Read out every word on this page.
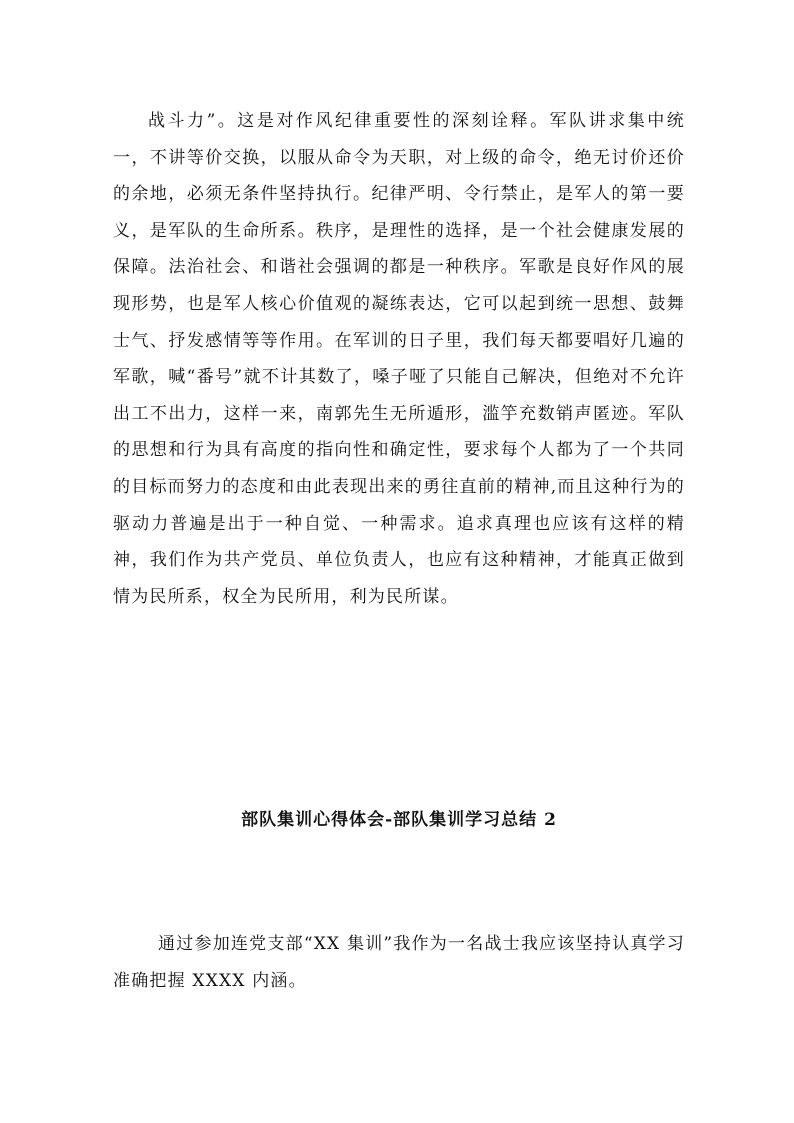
战斗力”。这是对作风纪律重要性的深刻诠释。军队讲求集中统一，不讲等价交换，以服从命令为天职，对上级的命令，绝无讨价还价的余地，必须无条件坚持执行。纪律严明、令行禁止，是军人的第一要义，是军队的生命所系。秩序，是理性的选择，是一个社会健康发展的保障。法治社会、和谐社会强调的都是一种秩序。军歌是良好作风的展现形势，也是军人核心价值观的凝练表达，它可以起到统一思想、鼓舞士气、抒发感情等等作用。在军训的日子里，我们每天都要唱好几遍的军歌，喊“番号”就不计其数了，嗓子哑了只能自己解决，但绝对不允许出工不出力，这样一来，南郭先生无所遁形，滥竽充数销声匿迹。军队的思想和行为具有高度的指向性和确定性，要求每个人都为了一个共同的目标而努力的态度和由此表现出来的勇往直前的精神,而且这种行为的驱动力普遍是出于一种自觉、一种需求。追求真理也应该有这样的精神，我们作为共产党员、单位负责人，也应有这种精神，才能真正做到情为民所系，权全为民所用，利为民所谋。

部队集训心得体会-部队集训学习总结 2

通过参加连党支部“XX 集训”我作为一名战士我应该坚持认真学习准确把握 XXXX 内涵。
